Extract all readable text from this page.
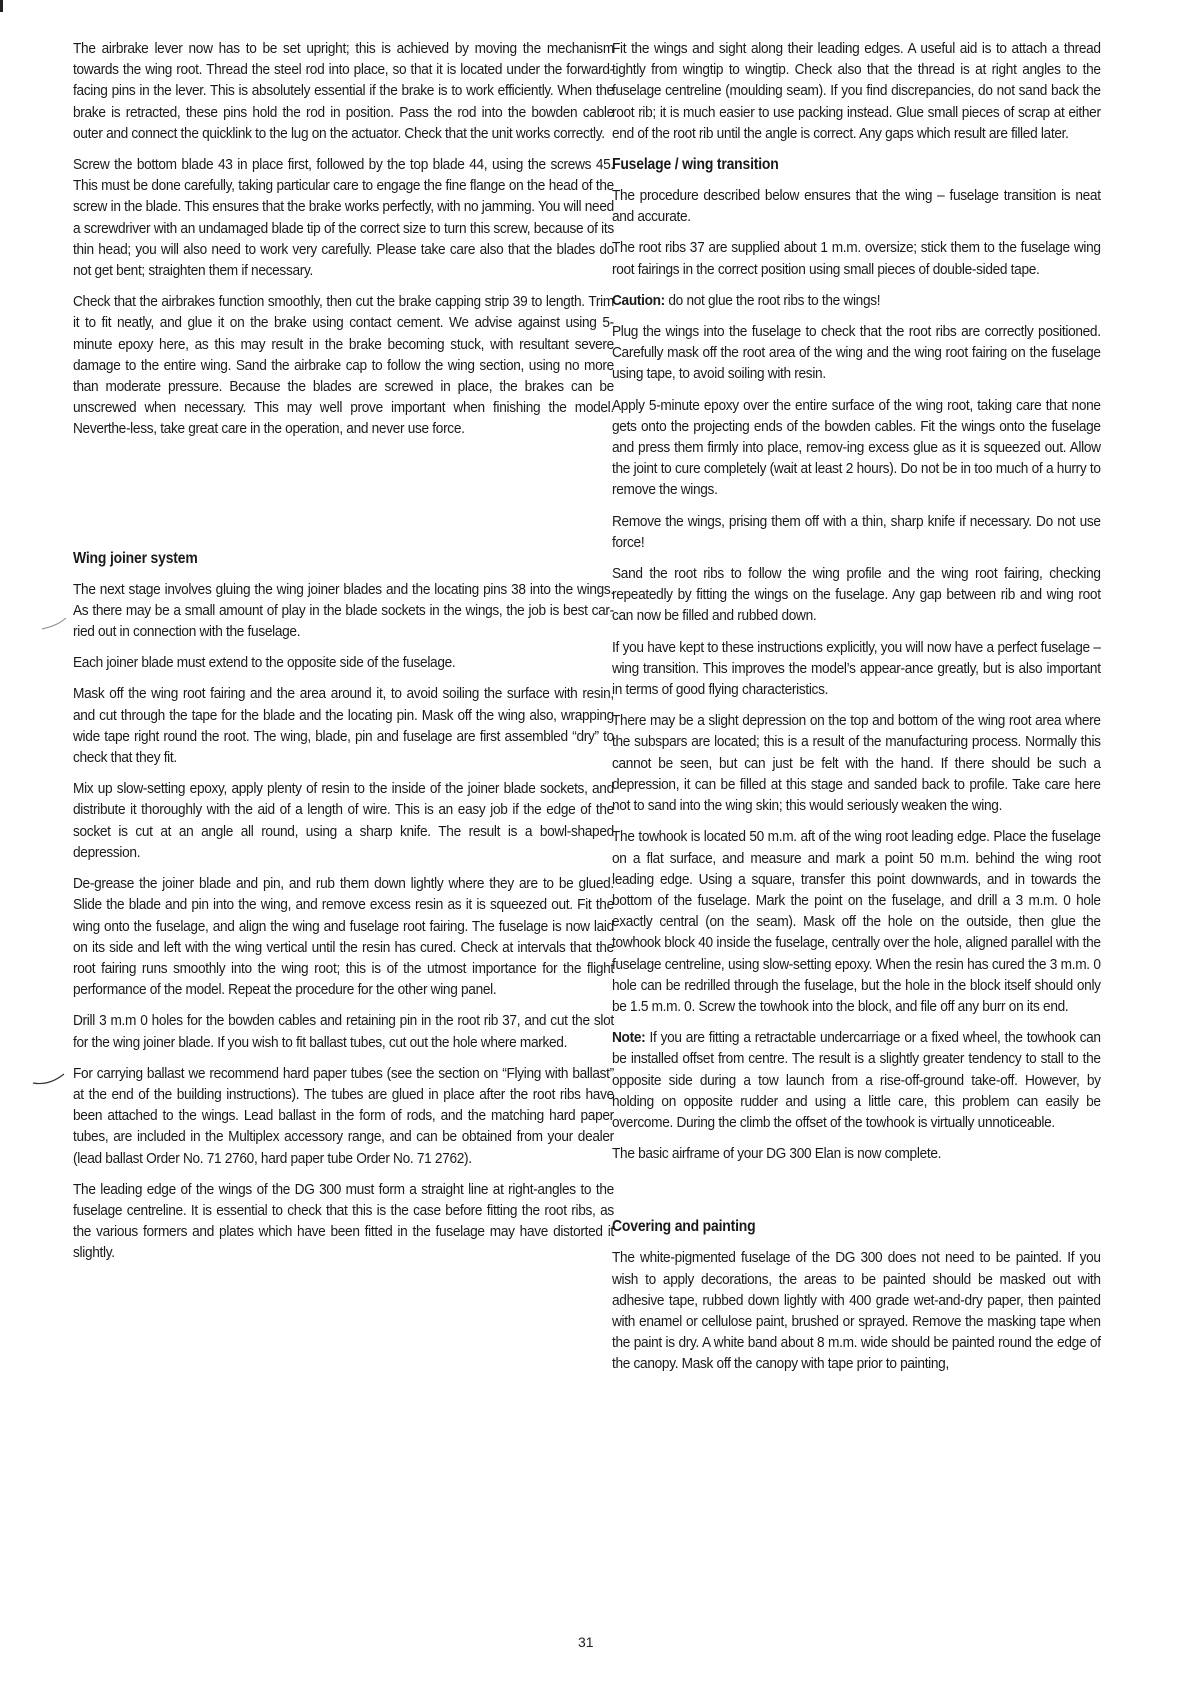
The airbrake lever now has to be set upright; this is achieved by moving the mechanism towards the wing root. Thread the steel rod into place, so that it is located under the forward-facing pins in the lever. This is absolutely essential if the brake is to work efficiently. When the brake is retracted, these pins hold the rod in position. Pass the rod into the bowden cable outer and connect the quicklink to the lug on the actuator. Check that the unit works correctly.

Screw the bottom blade 43 in place first, followed by the top blade 44, using the screws 45. This must be done carefully, taking particular care to engage the fine flange on the head of the screw in the blade. This ensures that the brake works perfectly, with no jamming. You will need a screwdriver with an undamaged blade tip of the correct size to turn this screw, because of its thin head; you will also need to work very carefully. Please take care also that the blades do not get bent; straighten them if necessary.

Check that the airbrakes function smoothly, then cut the brake capping strip 39 to length. Trim it to fit neatly, and glue it on the brake using contact cement. We advise against using 5-minute epoxy here, as this may result in the brake becoming stuck, with resultant severe damage to the entire wing. Sand the airbrake cap to follow the wing section, using no more than moderate pressure. Because the blades are screwed in place, the brakes can be unscrewed when necessary. This may well prove important when finishing the model. Neverthe-less, take great care in the operation, and never use force.

Wing joiner system

The next stage involves gluing the wing joiner blades and the locating pins 38 into the wings. As there may be a small amount of play in the blade sockets in the wings, the job is best car-ried out in connection with the fuselage.

Each joiner blade must extend to the opposite side of the fuselage.

Mask off the wing root fairing and the area around it, to avoid soiling the surface with resin, and cut through the tape for the blade and the locating pin. Mask off the wing also, wrapping wide tape right round the root. The wing, blade, pin and fuselage are first assembled “dry” to check that they fit.

Mix up slow-setting epoxy, apply plenty of resin to the inside of the joiner blade sockets, and distribute it thoroughly with the aid of a length of wire. This is an easy job if the edge of the socket is cut at an angle all round, using a sharp knife. The result is a bowl-shaped depression.

De-grease the joiner blade and pin, and rub them down lightly where they are to be glued. Slide the blade and pin into the wing, and remove excess resin as it is squeezed out. Fit the wing onto the fuselage, and align the wing and fuselage root fairing. The fuselage is now laid on its side and left with the wing vertical until the resin has cured. Check at intervals that the root fairing runs smoothly into the wing root; this is of the utmost importance for the flight performance of the model. Repeat the procedure for the other wing panel.

Drill 3 m.m 0 holes for the bowden cables and retaining pin in the root rib 37, and cut the slot for the wing joiner blade. If you wish to fit ballast tubes, cut out the hole where marked.

For carrying ballast we recommend hard paper tubes (see the section on “Flying with ballast” at the end of the building instructions). The tubes are glued in place after the root ribs have been attached to the wings. Lead ballast in the form of rods, and the matching hard paper tubes, are included in the Multiplex accessory range, and can be obtained from your dealer (lead ballast Order No. 71 2760, hard paper tube Order No. 71 2762).

The leading edge of the wings of the DG 300 must form a straight line at right-angles to the fuselage centreline. It is essential to check that this is the case before fitting the root ribs, as the various formers and plates which have been fitted in the fuselage may have distorted it slightly.

Fit the wings and sight along their leading edges. A useful aid is to attach a thread tightly from wingtip to wingtip. Check also that the thread is at right angles to the fuselage centreline (moulding seam). If you find discrepancies, do not sand back the root rib; it is much easier to use packing instead. Glue small pieces of scrap at either end of the root rib until the angle is correct. Any gaps which result are filled later.

Fuselage / wing transition

The procedure described below ensures that the wing – fuselage transition is neat and accurate.

The root ribs 37 are supplied about 1 m.m. oversize; stick them to the fuselage wing root fairings in the correct position using small pieces of double-sided tape.

Caution: do not glue the root ribs to the wings!

Plug the wings into the fuselage to check that the root ribs are correctly positioned. Carefully mask off the root area of the wing and the wing root fairing on the fuselage using tape, to avoid soiling with resin.

Apply 5-minute epoxy over the entire surface of the wing root, taking care that none gets onto the projecting ends of the bowden cables. Fit the wings onto the fuselage and press them firmly into place, remov-ing excess glue as it is squeezed out. Allow the joint to cure completely (wait at least 2 hours). Do not be in too much of a hurry to remove the wings.

Remove the wings, prising them off with a thin, sharp knife if necessary. Do not use force!

Sand the root ribs to follow the wing profile and the wing root fairing, checking repeatedly by fitting the wings on the fuselage. Any gap between rib and wing root can now be filled and rubbed down.

If you have kept to these instructions explicitly, you will now have a perfect fuselage – wing transition. This improves the model’s appear-ance greatly, but is also important in terms of good flying characteristics.

There may be a slight depression on the top and bottom of the wing root area where the subspars are located; this is a result of the manufacturing process. Normally this cannot be seen, but can just be felt with the hand. If there should be such a depression, it can be filled at this stage and sanded back to profile. Take care here not to sand into the wing skin; this would seriously weaken the wing.

The towhook is located 50 m.m. aft of the wing root leading edge. Place the fuselage on a flat surface, and measure and mark a point 50 m.m. behind the wing root leading edge. Using a square, transfer this point downwards, and in towards the bottom of the fuselage. Mark the point on the fuselage, and drill a 3 m.m. 0 hole exactly central (on the seam). Mask off the hole on the outside, then glue the towhook block 40 inside the fuselage, centrally over the hole, aligned parallel with the fuselage centreline, using slow-setting epoxy. When the resin has cured the 3 m.m. 0 hole can be redrilled through the fuselage, but the hole in the block itself should only be 1.5 m.m. 0. Screw the towhook into the block, and file off any burr on its end.

Note: If you are fitting a retractable undercarriage or a fixed wheel, the towhook can be installed offset from centre. The result is a slightly greater tendency to stall to the opposite side during a tow launch from a rise-off-ground take-off. However, by holding on opposite rudder and using a little care, this problem can easily be overcome. During the climb the offset of the towhook is virtually unnoticeable.

The basic airframe of your DG 300 Elan is now complete.

Covering and painting

The white-pigmented fuselage of the DG 300 does not need to be painted. If you wish to apply decorations, the areas to be painted should be masked out with adhesive tape, rubbed down lightly with 400 grade wet-and-dry paper, then painted with enamel or cellulose paint, brushed or sprayed. Remove the masking tape when the paint is dry. A white band about 8 m.m. wide should be painted round the edge of the canopy. Mask off the canopy with tape prior to painting,

31
